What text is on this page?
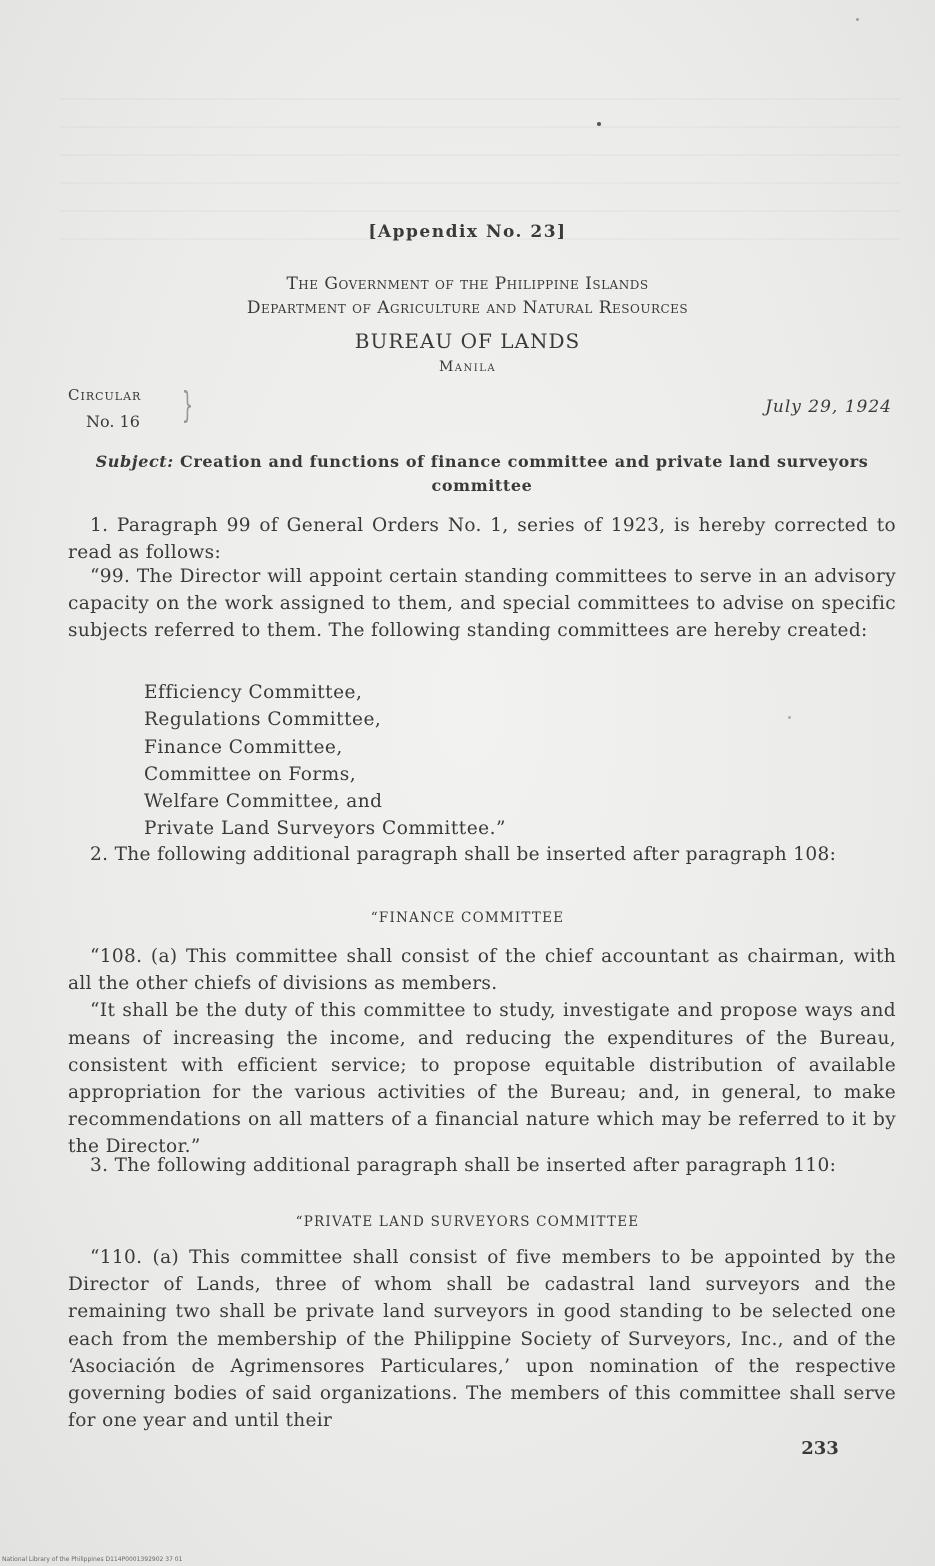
[Appendix No. 23]
The Government of the Philippine Islands
Department of Agriculture and Natural Resources
BUREAU OF LANDS
Manila
Circular
No. 16 }	July 29, 1924
Subject: Creation and functions of finance committee and private land surveyors committee

1. Paragraph 99 of General Orders No. 1, series of 1923, is hereby corrected to read as follows:

“99. The Director will appoint certain standing committees to serve in an advisory capacity on the work assigned to them, and special committees to advise on specific subjects referred to them. The following standing committees are hereby created:

Efficiency Committee,
Regulations Committee,
Finance Committee,
Committee on Forms,
Welfare Committee, and
Private Land Surveyors Committee.”

2. The following additional paragraph shall be inserted after paragraph 108:

“FINANCE COMMITTEE

“108. (a) This committee shall consist of the chief accountant as chairman, with all the other chiefs of divisions as members.

“It shall be the duty of this committee to study, investigate and propose ways and means of increasing the income, and reducing the expenditures of the Bureau, consistent with efficient service; to propose equitable distribution of available appropriation for the various activities of the Bureau; and, in general, to make recommendations on all matters of a financial nature which may be referred to it by the Director.”

3. The following additional paragraph shall be inserted after paragraph 110:

“PRIVATE LAND SURVEYORS COMMITTEE

“110. (a) This committee shall consist of five members to be appointed by the Director of Lands, three of whom shall be cadastral land surveyors and the remaining two shall be private land surveyors in good standing to be selected one each from the membership of the Philippine Society of Surveyors, Inc., and of the ‘Asociación de Agrimensores Particulares,’ upon nomination of the respective governing bodies of said organizations. The members of this committee shall serve for one year and until their

233
National Library of the Philippines D114P0001392902 37 01
